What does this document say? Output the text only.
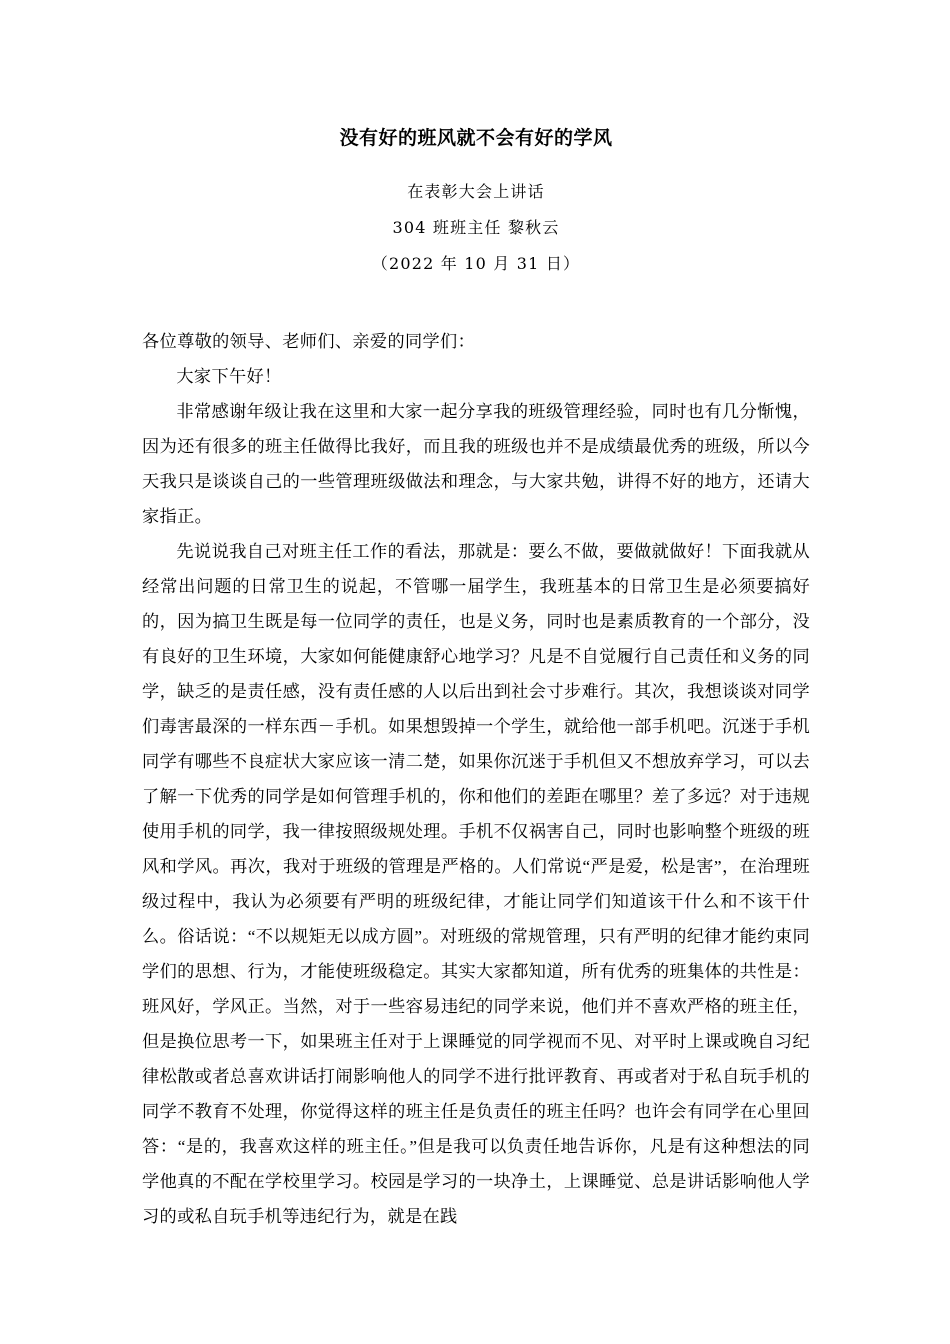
没有好的班风就不会有好的学风

在表彰大会上讲话

304 班班主任 黎秋云

（2022 年 10 月 31 日）

各位尊敬的领导、老师们、亲爱的同学们：

大家下午好！

非常感谢年级让我在这里和大家一起分享我的班级管理经验，同时也有几分惭愧，因为还有很多的班主任做得比我好，而且我的班级也并不是成绩最优秀的班级，所以今天我只是谈谈自己的一些管理班级做法和理念，与大家共勉，讲得不好的地方，还请大家指正。

先说说我自己对班主任工作的看法，那就是：要么不做，要做就做好！下面我就从经常出问题的日常卫生的说起，不管哪一届学生，我班基本的日常卫生是必须要搞好的，因为搞卫生既是每一位同学的责任，也是义务，同时也是素质教育的一个部分，没有良好的卫生环境，大家如何能健康舒心地学习？凡是不自觉履行自己责任和义务的同学，缺乏的是责任感，没有责任感的人以后出到社会寸步难行。其次，我想谈谈对同学们毒害最深的一样东西－手机。如果想毁掉一个学生，就给他一部手机吧。沉迷于手机同学有哪些不良症状大家应该一清二楚，如果你沉迷于手机但又不想放弃学习，可以去了解一下优秀的同学是如何管理手机的，你和他们的差距在哪里？差了多远？对于违规使用手机的同学，我一律按照级规处理。手机不仅祸害自己，同时也影响整个班级的班风和学风。再次，我对于班级的管理是严格的。人们常说“严是爱，松是害”，在治理班级过程中，我认为必须要有严明的班级纪律，才能让同学们知道该干什么和不该干什么。俗话说：“不以规矩无以成方圆”。对班级的常规管理，只有严明的纪律才能约束同学们的思想、行为，才能使班级稳定。其实大家都知道，所有优秀的班集体的共性是：班风好，学风正。当然，对于一些容易违纪的同学来说，他们并不喜欢严格的班主任，但是换位思考一下，如果班主任对于上课睡觉的同学视而不见、对平时上课或晚自习纪律松散或者总喜欢讲话打闹影响他人的同学不进行批评教育、再或者对于私自玩手机的同学不教育不处理，你觉得这样的班主任是负责任的班主任吗？也许会有同学在心里回答：“是的，我喜欢这样的班主任。”但是我可以负责任地告诉你，凡是有这种想法的同学他真的不配在学校里学习。校园是学习的一块净土，上课睡觉、总是讲话影响他人学习的或私自玩手机等违纪行为，就是在践
